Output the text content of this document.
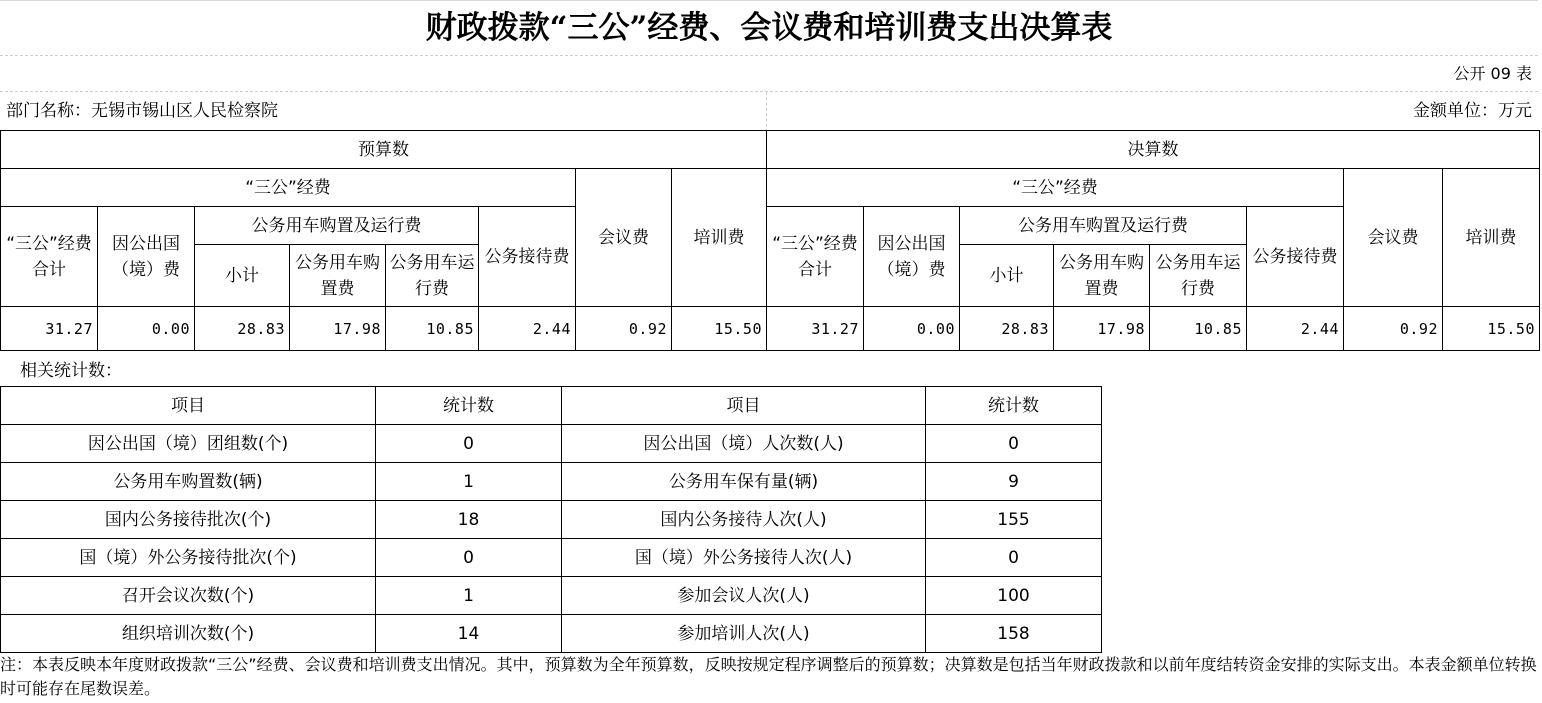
财政拨款“三公”经费、会议费和培训费支出决算表
公开 09 表
部门名称：无锡市锡山区人民检察院	金额单位：万元
预算数								决算数							
“三公”经费						会议费	培训费	“三公”经费						会议费	培训费
“三公”经费合计	因公出国（境）费	公务用车购置及运行费			公务接待费			“三公”经费合计	因公出国（境）费	公务用车购置及运行费			公务接待费		
		小计	公务用车购置费	公务用车运行费						小计	公务用车购置费	公务用车运行费			
31.27	0.00	28.83	17.98	10.85	2.44	0.92	15.50	31.27	0.00	28.83	17.98	10.85	2.44	0.92	15.50
相关统计数：
项目	统计数	项目	统计数
因公出国（境）团组数(个)	0	因公出国（境）人次数(人)	0
公务用车购置数(辆)	1	公务用车保有量(辆)	9
国内公务接待批次(个)	18	国内公务接待人次(人)	155
国（境）外公务接待批次(个)	0	国（境）外公务接待人次(人)	0
召开会议次数(个)	1	参加会议人次(人)	100
组织培训次数(个)	14	参加培训人次(人)	158
注：本表反映本年度财政拨款“三公”经费、会议费和培训费支出情况。其中，预算数为全年预算数，反映按规定程序调整后的预算数；决算数是包括当年财政拨款和以前年度结转资金安排的实际支出。本表金额单位转换时可能存在尾数误差。
